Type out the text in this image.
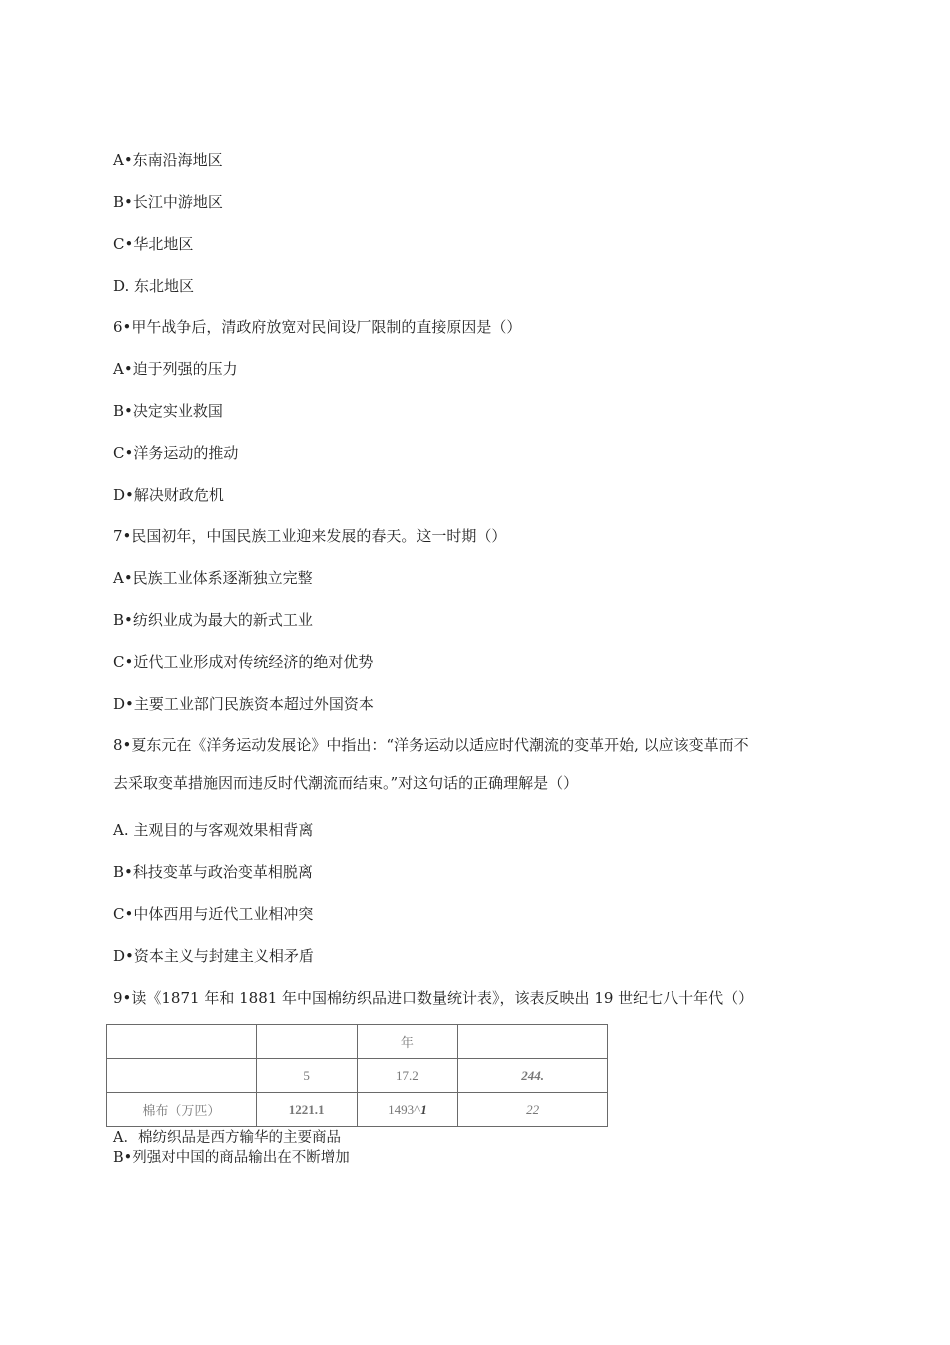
A•东南沿海地区
B•长江中游地区
C•华北地区
D. 东北地区
6•甲午战争后，清政府放宽对民间设厂限制的直接原因是（）
A•迫于列强的压力
B•决定实业救国
C•洋务运动的推动
D•解决财政危机
7•民国初年，中国民族工业迎来发展的春天。这一时期（）
A•民族工业体系逐渐独立完整
B•纺织业成为最大的新式工业
C•近代工业形成对传统经济的绝对优势
D•主要工业部门民族资本超过外国资本
8•夏东元在《洋务运动发展论》中指出：“洋务运动以适应时代潮流的变革开始, 以应该变革而不
去采取变革措施因而违反时代潮流而结束。”对这句话的正确理解是（）
A. 主观目的与客观效果相背离
B•科技变革与政治变革相脱离
C•中体西用与近代工业相冲突
D•资本主义与封建主义相矛盾
9•读《1871 年和 1881 年中国棉纺织品进口数量统计表》，该表反映出 19 世纪七八十年代（）
		年	
	5	17.2	244.
棉布（万匹）	1221.1	1493^1	22
A．棉纺织品是西方输华的主要商品
B•列强对中国的商品输出在不断增加
